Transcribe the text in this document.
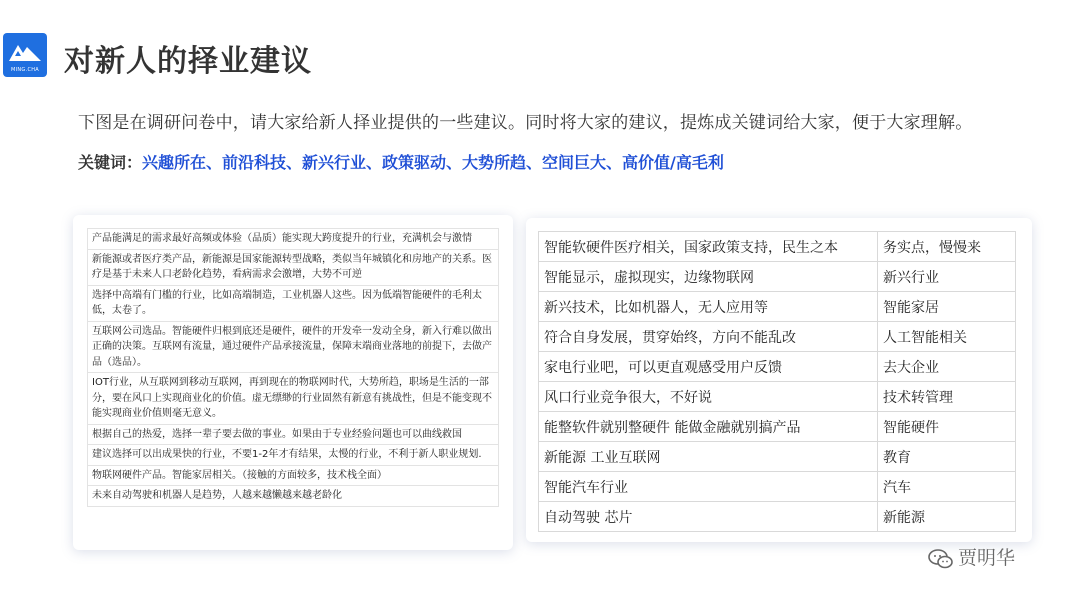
MING.CHA 对新人的择业建议
下图是在调研问卷中，请大家给新人择业提供的一些建议。同时将大家的建议，提炼成关键词给大家，便于大家理解。
关键词：兴趣所在、前沿科技、新兴行业、政策驱动、大势所趋、空间巨大、高价值/高毛利
产品能满足的需求最好高频或体验（品质）能实现大跨度提升的行业，充满机会与激情
新能源或者医疗类产品，新能源是国家能源转型战略，类似当年城镇化和房地产的关系。医疗是基于未来人口老龄化趋势，看病需求会激增，大势不可逆
选择中高端有门槛的行业，比如高端制造，工业机器人这些。因为低端智能硬件的毛利太低，太卷了。
互联网公司选品。智能硬件归根到底还是硬件，硬件的开发牵一发动全身，新入行难以做出正确的决策。互联网有流量，通过硬件产品承接流量，保障末端商业落地的前提下，去做产品（选品）。
IOT行业，从互联网到移动互联网，再到现在的物联网时代，大势所趋，职场是生活的一部分，要在风口上实现商业化的价值。虚无缥缈的行业固然有新意有挑战性，但是不能变现不能实现商业价值则毫无意义。
根据自己的热爱，选择一辈子要去做的事业。如果由于专业经验问题也可以曲线救国
建议选择可以出成果快的行业，不要1-2年才有结果，太慢的行业，不利于新人职业规划.
物联网硬件产品。智能家居相关。（接触的方面较多，技术栈全面）
未来自动驾驶和机器人是趋势，人越来越懒越来越老龄化
智能软硬件医疗相关，国家政策支持，民生之本	务实点，慢慢来
智能显示，虚拟现实，边缘物联网	新兴行业
新兴技术，比如机器人，无人应用等	智能家居
符合自身发展，贯穿始终，方向不能乱改	人工智能相关
家电行业吧，可以更直观感受用户反馈	去大企业
风口行业竞争很大，不好说	技术转管理
能整软件就别整硬件 能做金融就别搞产品	智能硬件
新能源 工业互联网	教育
智能汽车行业	汽车
自动驾驶 芯片	新能源
贾明华
